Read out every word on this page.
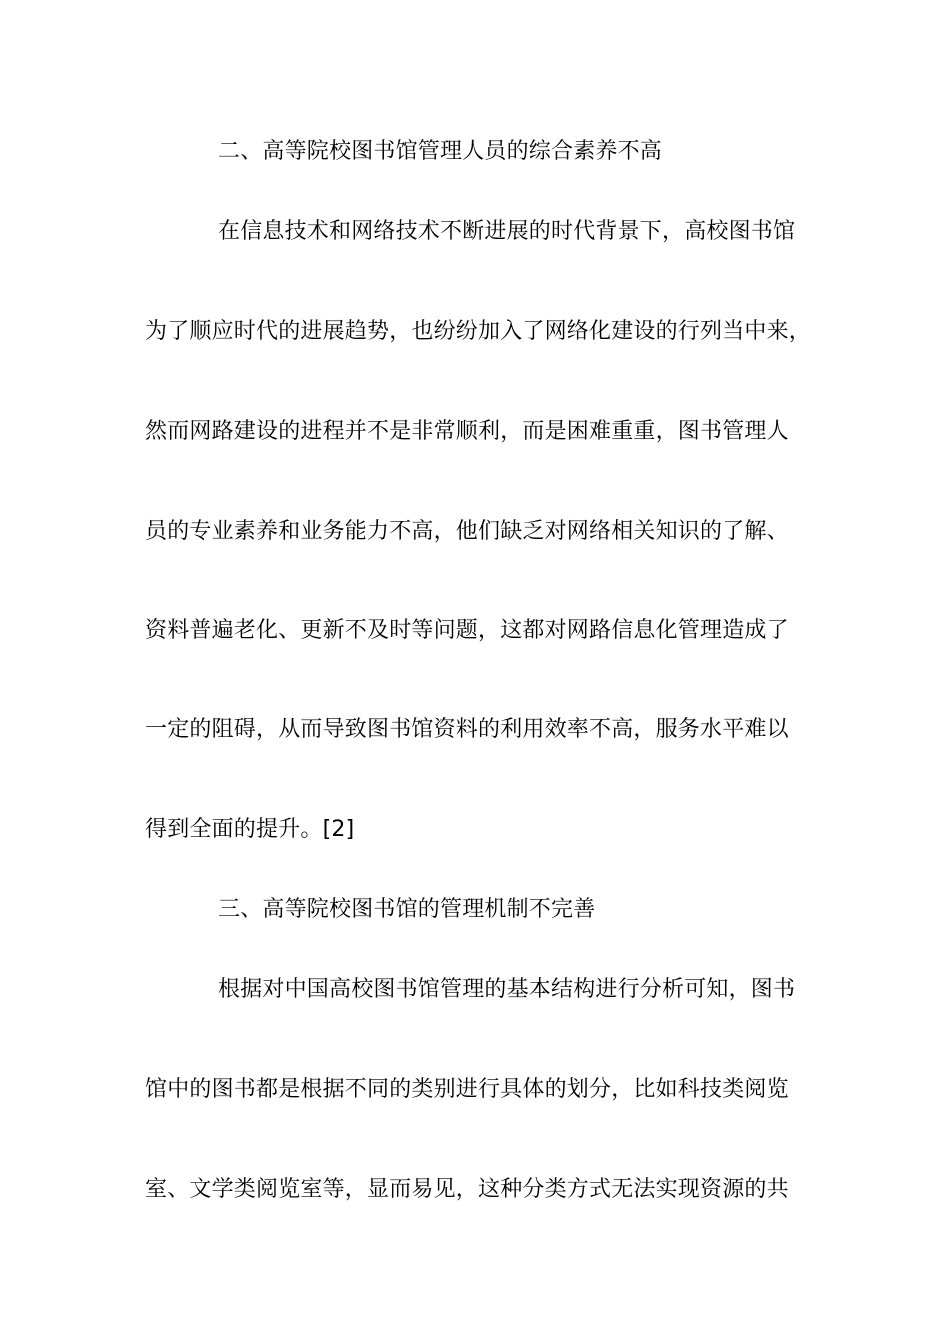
二、高等院校图书馆管理人员的综合素养不高
在信息技术和网络技术不断进展的时代背景下，高校图书馆
为了顺应时代的进展趋势，也纷纷加入了网络化建设的行列当中来，
然而网路建设的进程并不是非常顺利，而是困难重重，图书管理人
员的专业素养和业务能力不高，他们缺乏对网络相关知识的了解、
资料普遍老化、更新不及时等问题，这都对网路信息化管理造成了
一定的阻碍，从而导致图书馆资料的利用效率不高，服务水平难以
得到全面的提升。[2]
三、高等院校图书馆的管理机制不完善
根据对中国高校图书馆管理的基本结构进行分析可知，图书
馆中的图书都是根据不同的类别进行具体的划分，比如科技类阅览
室、文学类阅览室等，显而易见，这种分类方式无法实现资源的共
